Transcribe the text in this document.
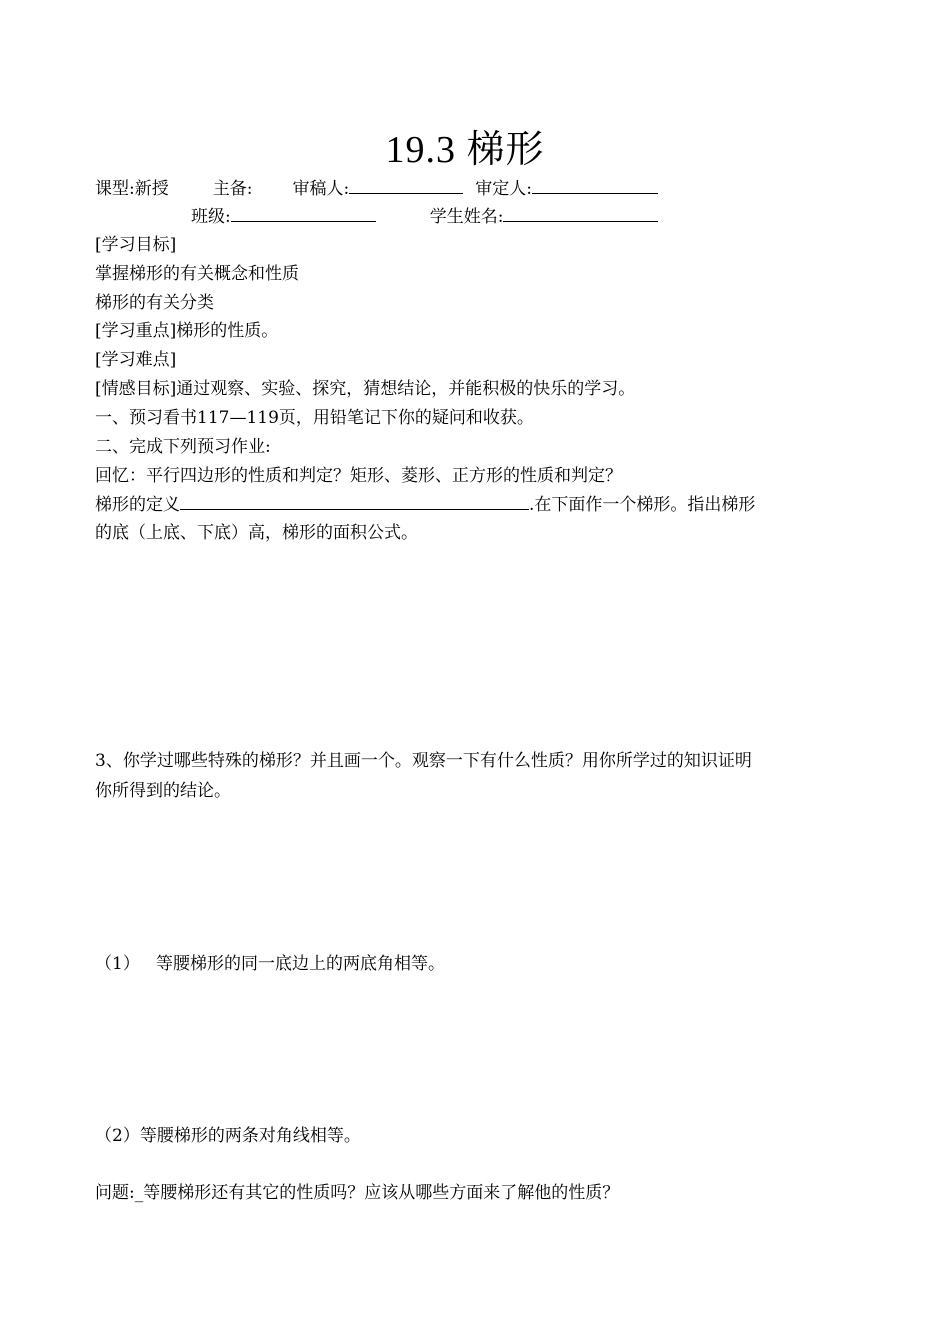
19.3 梯形
课型:新授	主备: 审稿人:	审定人:
班级:	学生姓名:
[学习目标]
掌握梯形的有关概念和性质
梯形的有关分类
[学习重点]梯形的性质。
[学习难点]
[情感目标]通过观察、实验、探究，猜想结论，并能积极的快乐的学习。
一、预习看书117—119页，用铅笔记下你的疑问和收获。
二、完成下列预习作业:
回忆：平行四边形的性质和判定？矩形、菱形、正方形的性质和判定？
梯形的定义	.在下面作一个梯形。指出梯形
的底（上底、下底）高，梯形的面积公式。
3、你学过哪些特殊的梯形？并且画一个。观察一下有什么性质？用你所学过的知识证明
你所得到的结论。
（1）   等腰梯形的同一底边上的两底角相等。
（2）等腰梯形的两条对角线相等。
问题:_等腰梯形还有其它的性质吗？应该从哪些方面来了解他的性质？
